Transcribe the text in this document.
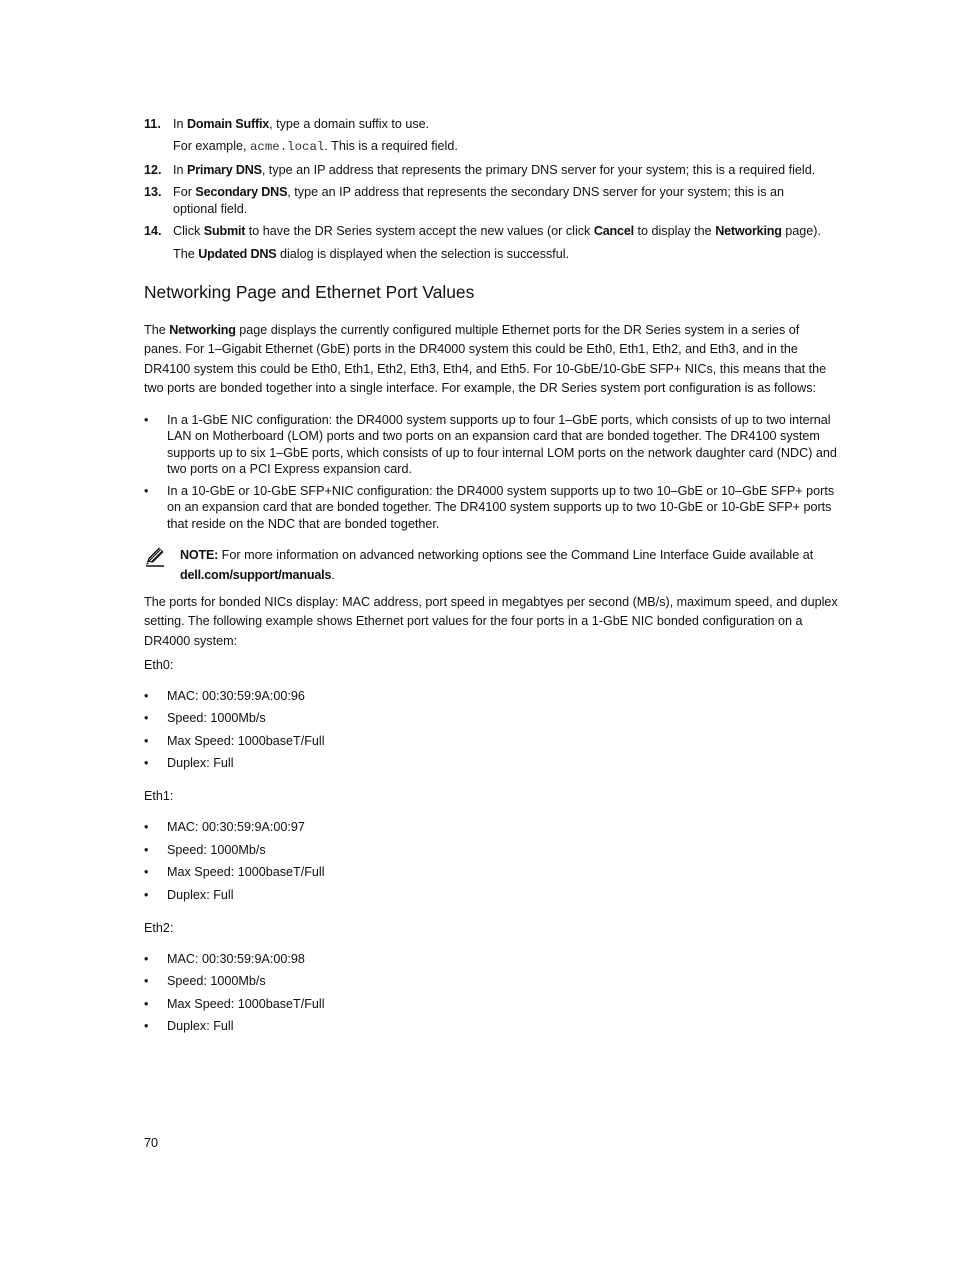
11. In Domain Suffix, type a domain suffix to use.
For example, acme.local. This is a required field.
12. In Primary DNS, type an IP address that represents the primary DNS server for your system; this is a required field.
13. For Secondary DNS, type an IP address that represents the secondary DNS server for your system; this is an optional field.
14. Click Submit to have the DR Series system accept the new values (or click Cancel to display the Networking page).
The Updated DNS dialog is displayed when the selection is successful.
Networking Page and Ethernet Port Values
The Networking page displays the currently configured multiple Ethernet ports for the DR Series system in a series of panes. For 1–Gigabit Ethernet (GbE) ports in the DR4000 system this could be Eth0, Eth1, Eth2, and Eth3, and in the DR4100 system this could be Eth0, Eth1, Eth2, Eth3, Eth4, and Eth5. For 10-GbE/10-GbE SFP+ NICs, this means that the two ports are bonded together into a single interface. For example, the DR Series system port configuration is as follows:
• In a 1-GbE NIC configuration: the DR4000 system supports up to four 1–GbE ports, which consists of up to two internal LAN on Motherboard (LOM) ports and two ports on an expansion card that are bonded together. The DR4100 system supports up to six 1–GbE ports, which consists of up to four internal LOM ports on the network daughter card (NDC) and two ports on a PCI Express expansion card.
• In a 10-GbE or 10-GbE SFP+NIC configuration: the DR4000 system supports up to two 10–GbE or 10–GbE SFP+ ports on an expansion card that are bonded together. The DR4100 system supports up to two 10-GbE or 10-GbE SFP+ ports that reside on the NDC that are bonded together.
NOTE: For more information on advanced networking options see the Command Line Interface Guide available at dell.com/support/manuals.
The ports for bonded NICs display: MAC address, port speed in megabtyes per second (MB/s), maximum speed, and duplex setting. The following example shows Ethernet port values for the four ports in a 1-GbE NIC bonded configuration on a DR4000 system:
Eth0:
• MAC: 00:30:59:9A:00:96
• Speed: 1000Mb/s
• Max Speed: 1000baseT/Full
• Duplex: Full
Eth1:
• MAC: 00:30:59:9A:00:97
• Speed: 1000Mb/s
• Max Speed: 1000baseT/Full
• Duplex: Full
Eth2:
• MAC: 00:30:59:9A:00:98
• Speed: 1000Mb/s
• Max Speed: 1000baseT/Full
• Duplex: Full
70
